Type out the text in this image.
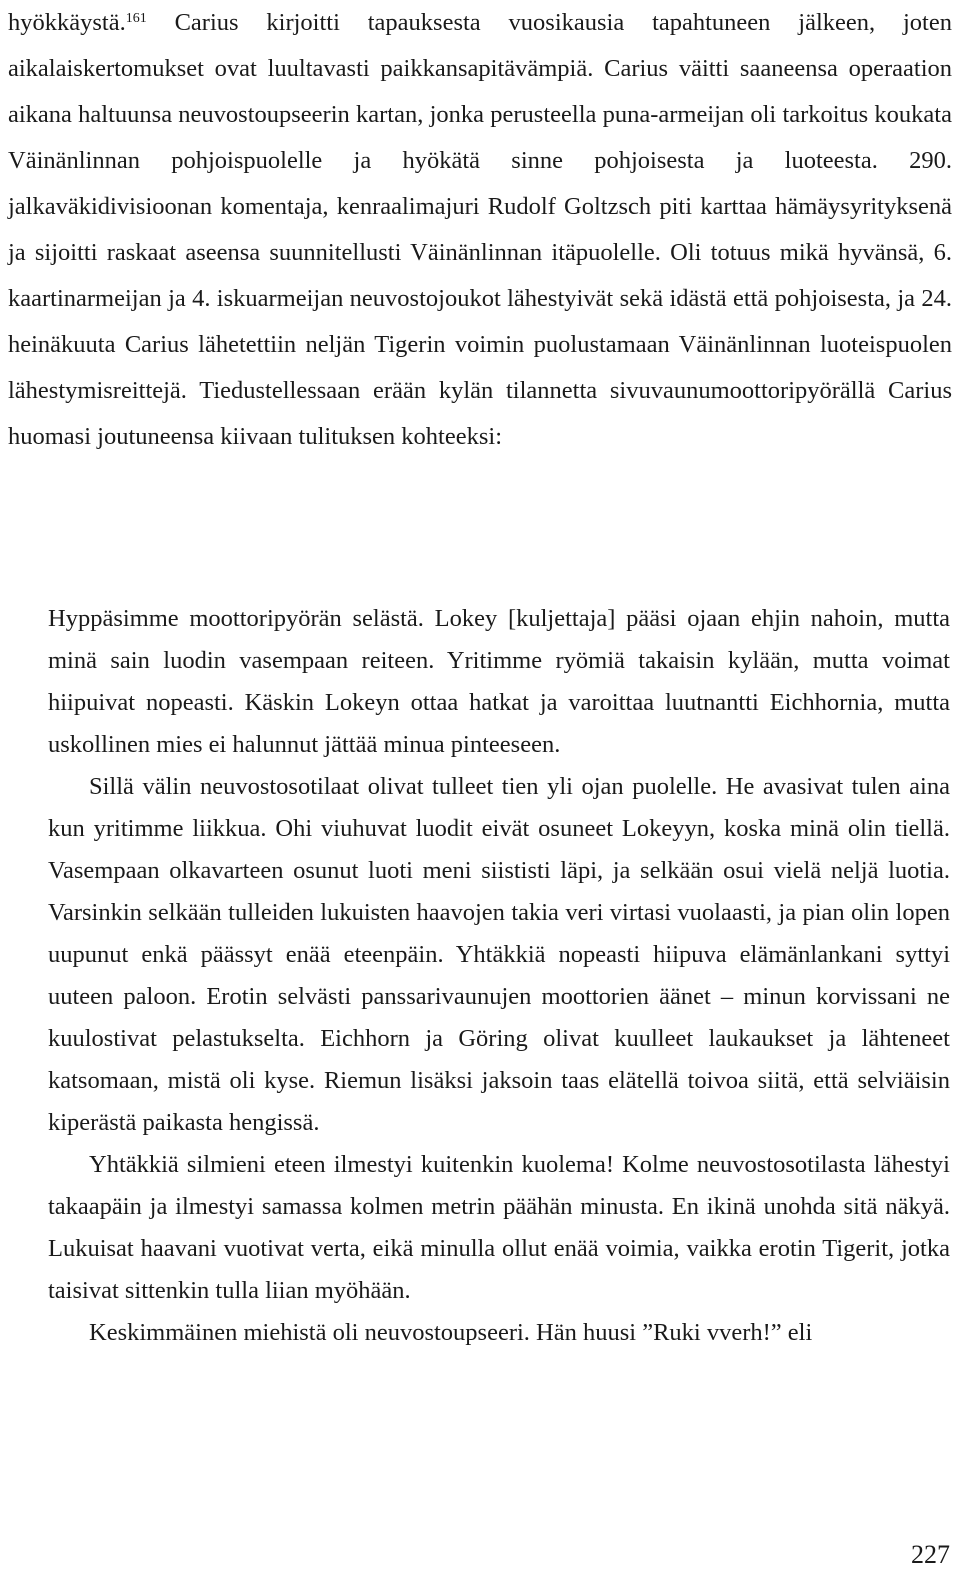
hyökkäystä.$^{161}$ Carius kirjoitti tapauksesta vuosikausia tapahtuneen jälkeen, joten aikalaiskertomukset ovat luultavasti paikkansapitävämpiä. Carius väitti saaneensa operaation aikana haltuunsa neuvostoupseerin kartan, jonka perusteella puna-armeijan oli tarkoitus koukata Väinänlinnan pohjoispuolelle ja hyökätä sinne pohjoisesta ja luoteesta. 290. jalkaväkidivisioonan komentaja, kenraalimajuri Rudolf Goltzsch piti karttaa hämäysyrityksenä ja sijoitti raskaat aseensa suunnitellusti Väinänlinnan itäpuolelle. Oli totuus mikä hyvänsä, 6. kaartinarmeijan ja 4. iskuarmeijan neuvostojoukot lähestyivät sekä idästä että pohjoisesta, ja 24. heinäkuuta Carius lähetettiin neljän Tigerin voimin puolustamaan Väinänlinnan luoteispuolen lähestymisreittejä. Tiedustellessaan erään kylän tilannetta sivuvaunumoottoripyörällä Carius huomasi joutuneensa kiivaan tulituksen kohteeksi:

Hyppäsimme moottoripyörän selästä. Lokey [kuljettaja] pääsi ojaan ehjin nahoin, mutta minä sain luodin vasempaan reiteen. Yritimme ryömiä takaisin kylään, mutta voimat hiipuivat nopeasti. Käskin Lokeyn ottaa hatkat ja varoittaa luutnantti Eichhornia, mutta uskollinen mies ei halunnut jättää minua pinteeseen.

Sillä välin neuvostosotilaat olivat tulleet tien yli ojan puolelle. He avasivat tulen aina kun yritimme liikkua. Ohi viuhuvat luodit eivät osuneet Lokeyyn, koska minä olin tiellä. Vasempaan olkavarteen osunut luoti meni siististi läpi, ja selkään osui vielä neljä luotia. Varsinkin selkään tulleiden lukuisten haavojen takia veri virtasi vuolaasti, ja pian olin lopen uupunut enkä päässyt enää eteenpäin. Yhtäkkiä nopeasti hiipuva elämänlankani syttyi uuteen paloon. Erotin selvästi panssarivaunujen moottorien äänet – minun korvissani ne kuulostivat pelastukselta. Eichhorn ja Göring olivat kuulleet laukaukset ja lähteneet katsomaan, mistä oli kyse. Riemun lisäksi jaksoin taas elätellä toivoa siitä, että selviäisin kiperästä paikasta hengissä.

Yhtäkkiä silmieni eteen ilmestyi kuitenkin kuolema! Kolme neuvostosotilasta lähestyi takaapäin ja ilmestyi samassa kolmen metrin päähän minusta. En ikinä unohda sitä näkyä. Lukuisat haavani vuotivat verta, eikä minulla ollut enää voimia, vaikka erotin Tigerit, jotka taisivat sittenkin tulla liian myöhään.

Keskimmäinen miehistä oli neuvostoupseeri. Hän huusi ”Ruki vverh!” eli

227
